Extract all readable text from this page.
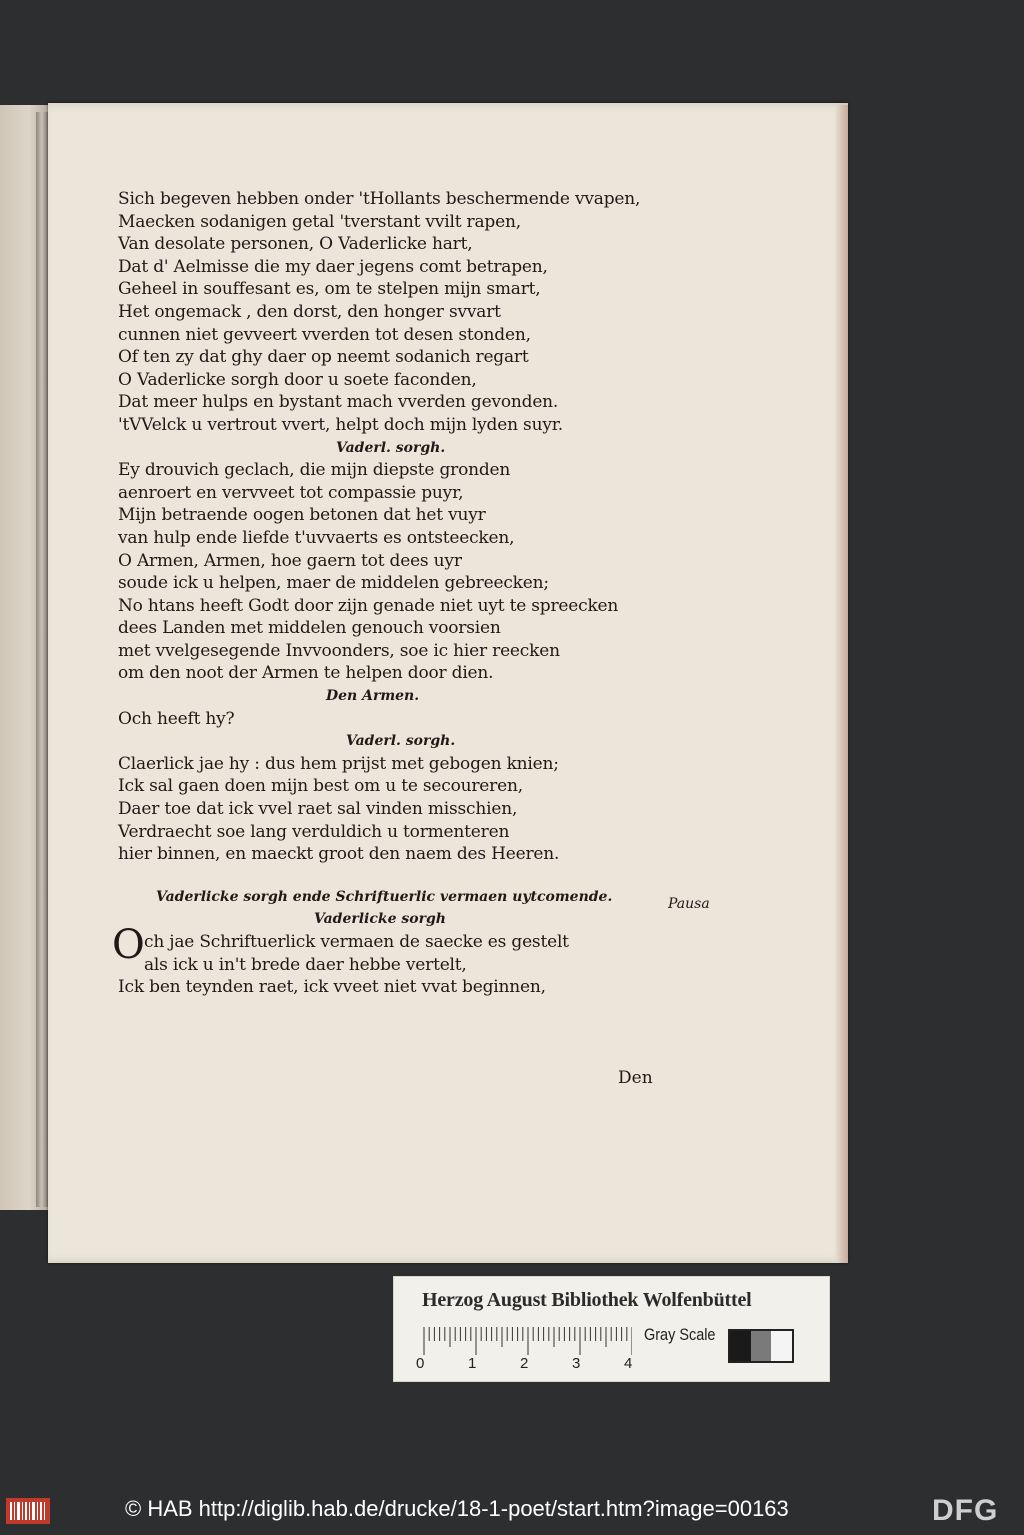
Sich begeven hebben onder 'tHollants beschermende vvapen,
Maecken sodanigen getal 'tverstant vvilt rapen,
Van desolate personen, O Vaderlicke hart,
Dat d' Aelmisse die my daer jegens comt betrapen,
Geheel in souffesant es, om te stelpen mijn smart,
Het ongemack , den dorst, den honger svvart
cunnen niet gevveert vverden tot desen stonden,
Of ten zy dat ghy daer op neemt sodanich regart
O Vaderlicke sorgh door u soete faconden,
Dat meer hulps en bystant mach vverden gevonden.
'tVVelck u vertrout vvert, helpt doch mijn lyden suyr.
Vaderl. sorgh.
Ey drouvich geclach, die mijn diepste gronden
aenroert en vervveet tot compassie puyr,
Mijn betraende oogen betonen dat het vuyr
van hulp ende liefde t'uvvaerts es ontsteecken,
O Armen, Armen, hoe gaern tot dees uyr
soude ick u helpen, maer de middelen gebreecken;
No htans heeft Godt door zijn genade niet uyt te spreecken
dees Landen met middelen genouch voorsien
met vvelgesegende Invvoonders, soe ic hier reecken
om den noot der Armen te helpen door dien.
Den Armen.
Och heeft hy?
Vaderl. sorgh.
Claerlick jae hy : dus hem prijst met gebogen knien;
Ick sal gaen doen mijn best om u te secoureren,
Daer toe dat ick vvel raet sal vinden misschien,
Verdraecht soe lang verduldich u tormenteren
hier binnen, en maeckt groot den naem des Heeren.
Vaderlicke sorgh ende Schriftuerlic vermaen uytcomende.
Vaderlicke sorgh
O ch jae Schriftuerlick vermaen de saecke es gestelt
als ick u in't brede daer hebbe vertelt,
Ick ben teynden raet, ick vveet niet vvat beginnen,
Pausa
Den
Herzog August Bibliothek Wolfenbüttel
0	1	2	3	4
Gray Scale
© HAB http://diglib.hab.de/drucke/18-1-poet/start.htm?image=00163	DFG
